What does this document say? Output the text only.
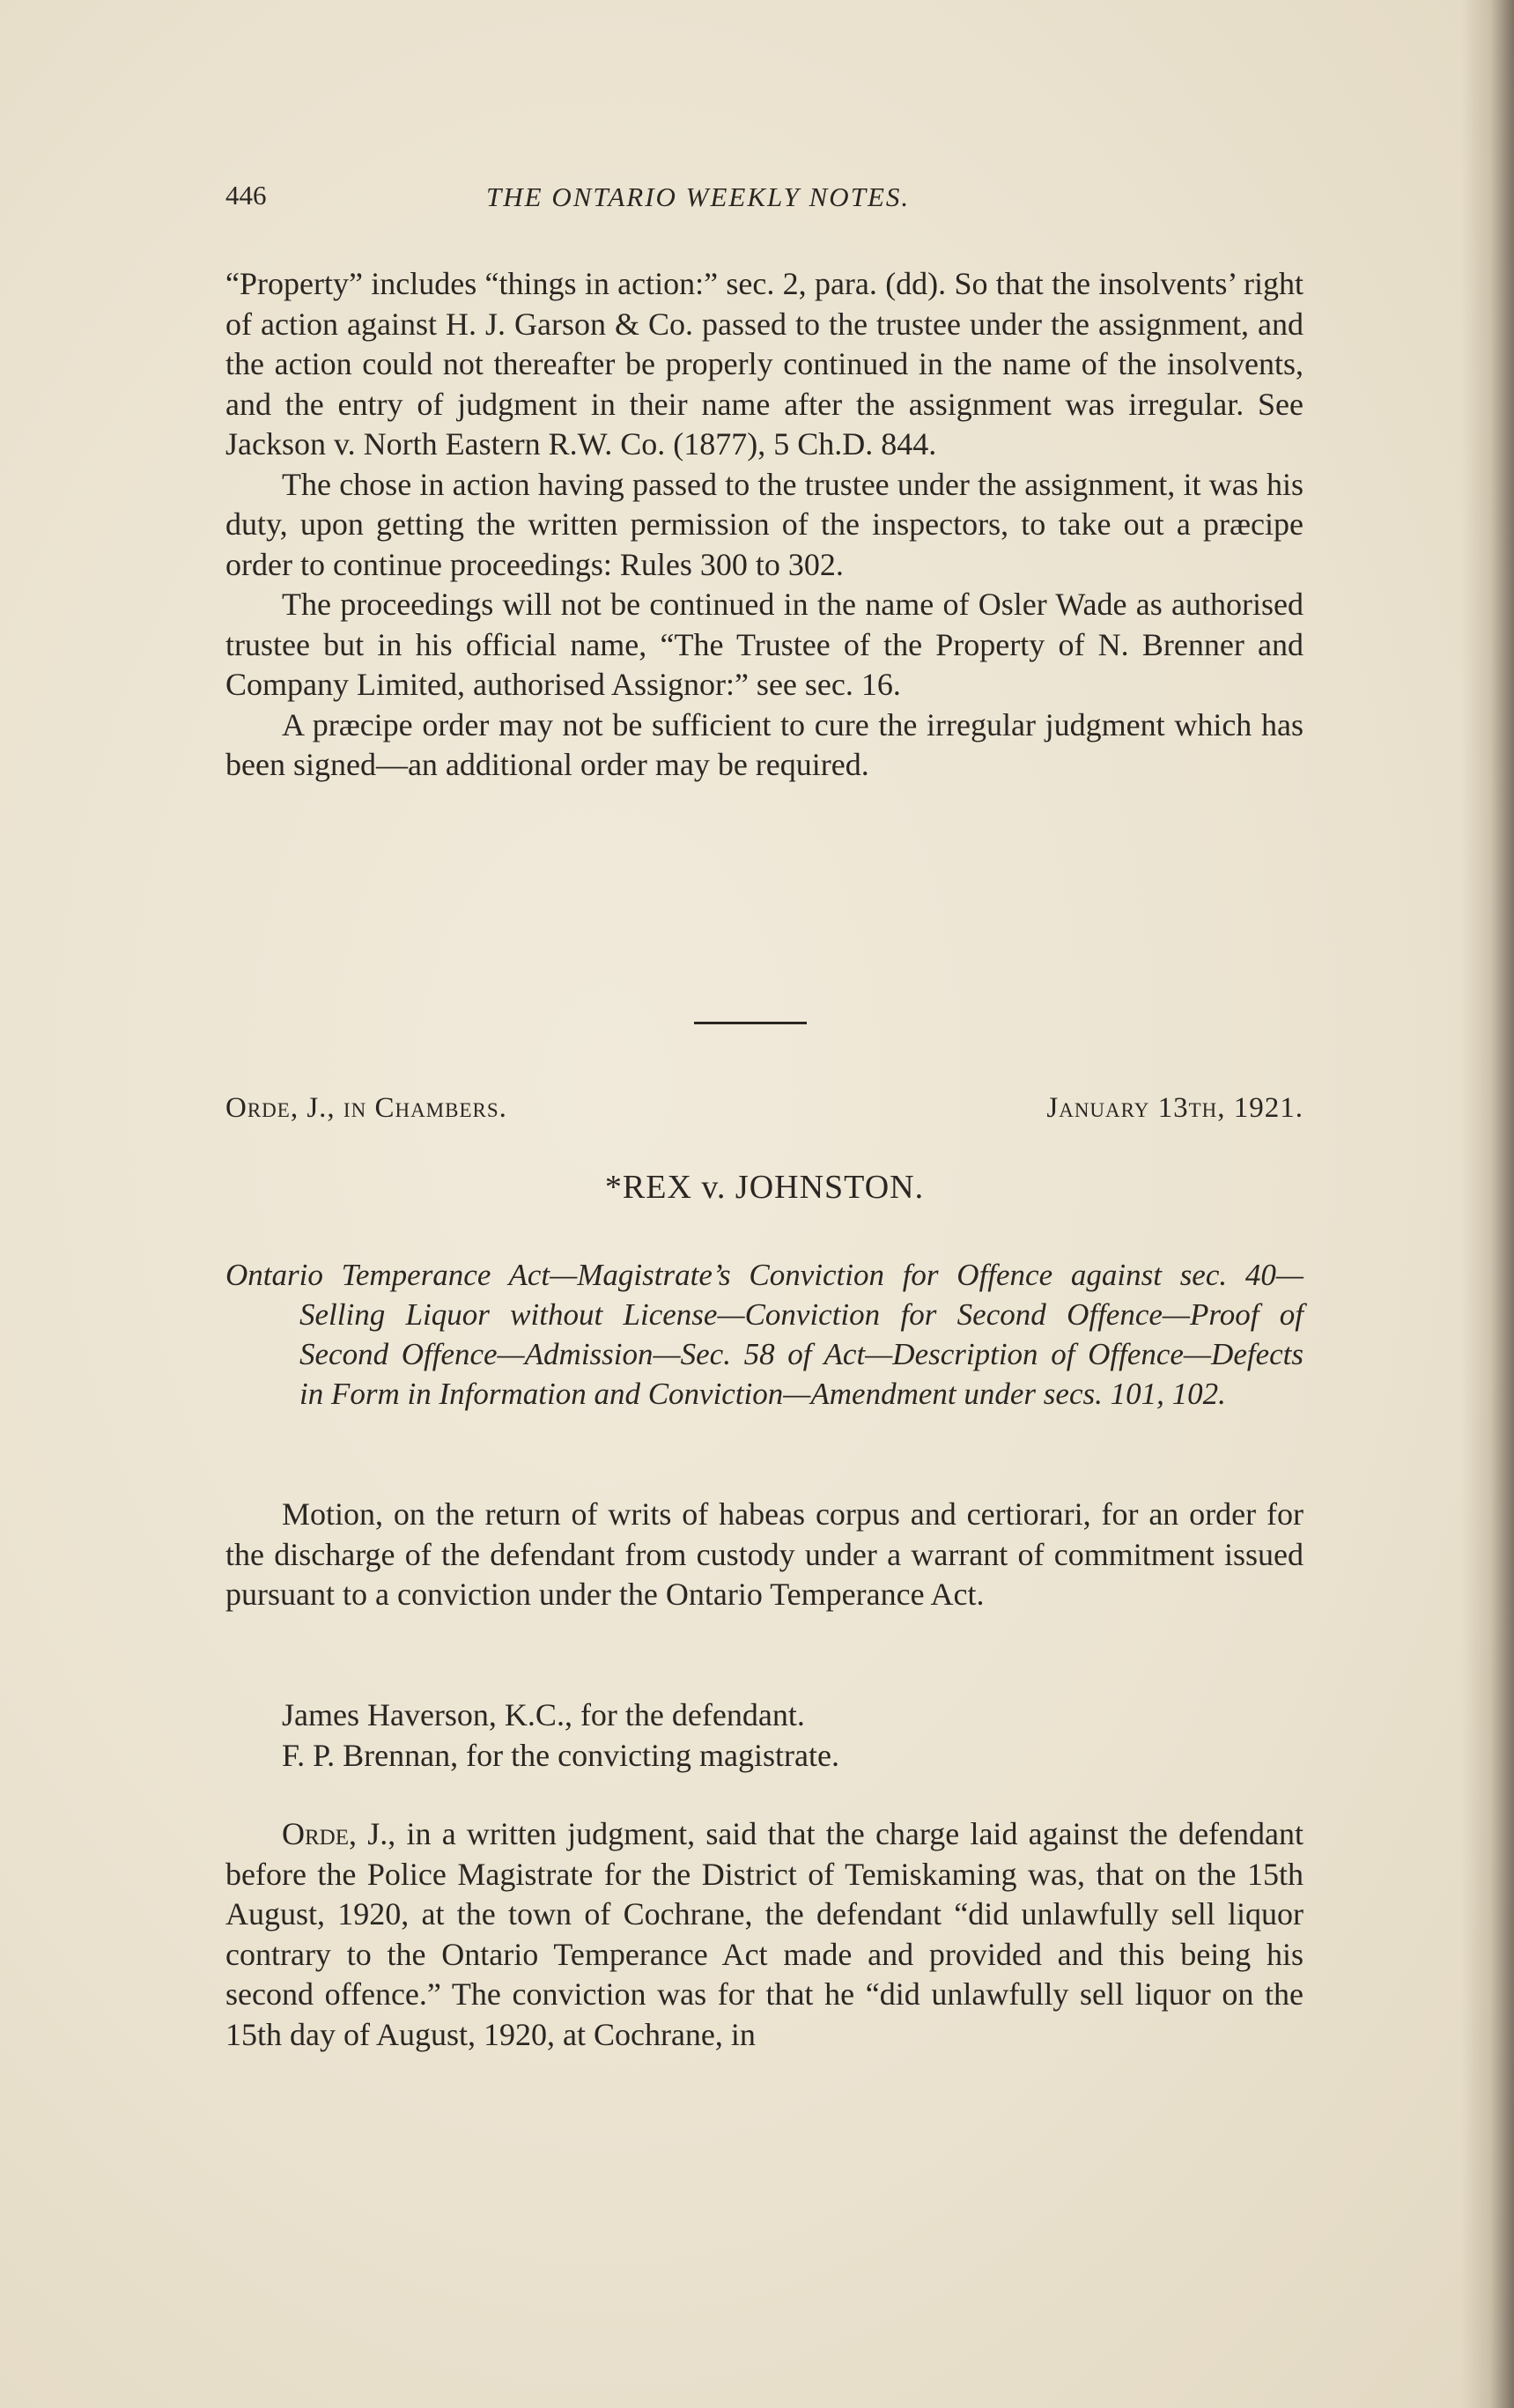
446	THE ONTARIO WEEKLY NOTES.

“Property” includes “things in action:” sec. 2, para. (dd). So that the insolvents’ right of action against H. J. Garson & Co. passed to the trustee under the assignment, and the action could not thereafter be properly continued in the name of the insolvents, and the entry of judgment in their name after the assignment was irregular. See Jackson v. North Eastern R.W. Co. (1877), 5 Ch.D. 844.

The chose in action having passed to the trustee under the assignment, it was his duty, upon getting the written permission of the inspectors, to take out a præcipe order to continue proceedings: Rules 300 to 302.

The proceedings will not be continued in the name of Osler Wade as authorised trustee but in his official name, “The Trustee of the Property of N. Brenner and Company Limited, authorised Assignor:” see sec. 16.

A præcipe order may not be sufficient to cure the irregular judgment which has been signed—an additional order may be required.

Orde, J., in Chambers.	January 13th, 1921.
*REX v. JOHNSTON.
Ontario Temperance Act—Magistrate’s Conviction for Offence against sec. 40—Selling Liquor without License—Conviction for Second Offence—Proof of Second Offence—Admission—Sec. 58 of Act—Description of Offence—Defects in Form in Information and Conviction—Amendment under secs. 101, 102.

Motion, on the return of writs of habeas corpus and certiorari, for an order for the discharge of the defendant from custody under a warrant of commitment issued pursuant to a conviction under the Ontario Temperance Act.

James Haverson, K.C., for the defendant.
F. P. Brennan, for the convicting magistrate.

Orde, J., in a written judgment, said that the charge laid against the defendant before the Police Magistrate for the District of Temiskaming was, that on the 15th August, 1920, at the town of Cochrane, the defendant “did unlawfully sell liquor contrary to the Ontario Temperance Act made and provided and this being his second offence.” The conviction was for that he “did unlawfully sell liquor on the 15th day of August, 1920, at Cochrane, in
